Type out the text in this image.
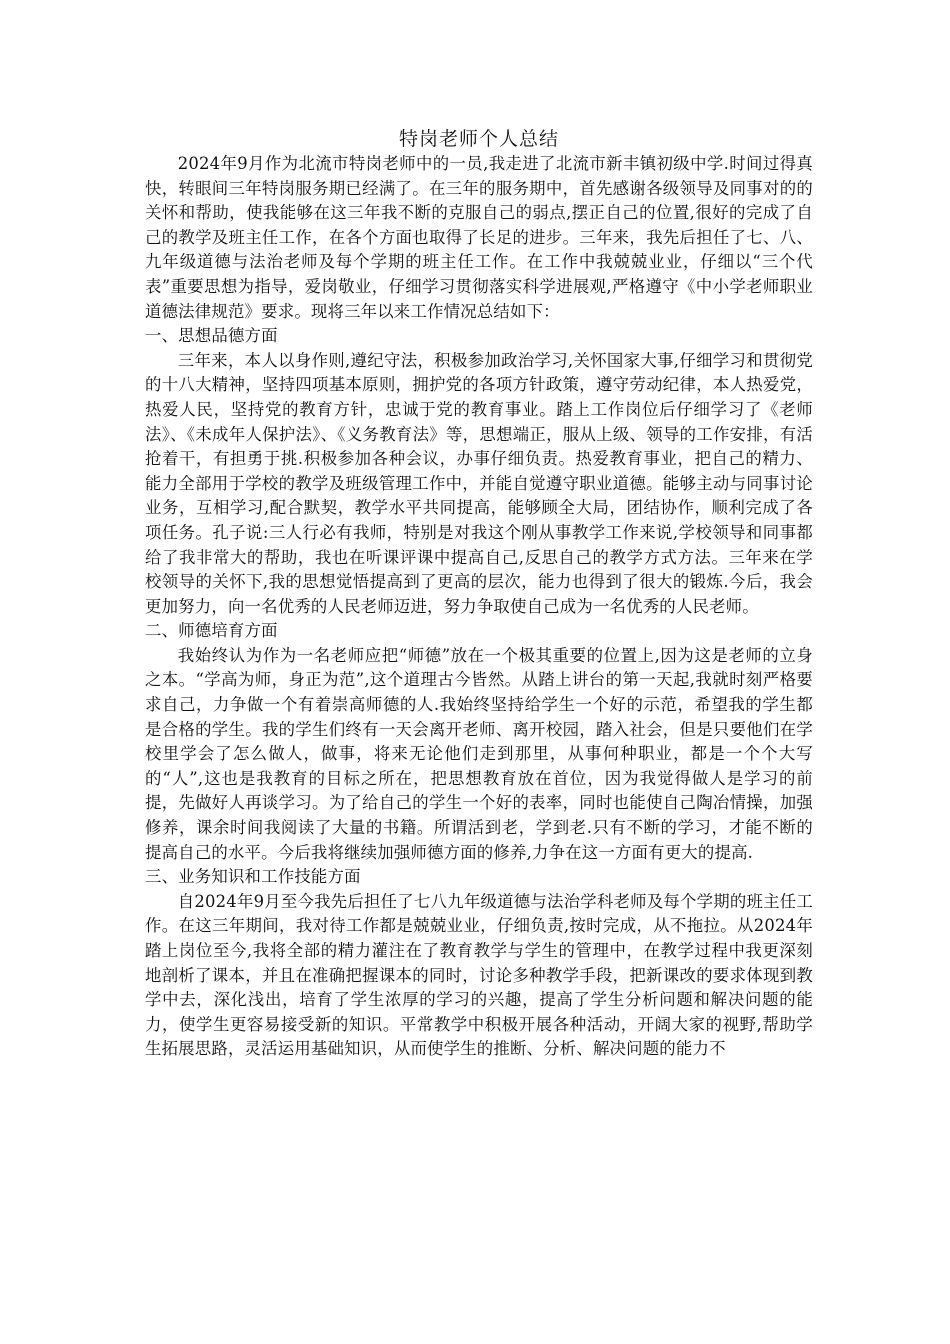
特岗老师个人总结

2024年9月作为北流市特岗老师中的一员,我走进了北流市新丰镇初级中学.时间过得真快，转眼间三年特岗服务期已经满了。在三年的服务期中，首先感谢各级领导及同事对的的关怀和帮助，使我能够在这三年我不断的克服自己的弱点,摆正自己的位置,很好的完成了自己的教学及班主任工作，在各个方面也取得了长足的进步。三年来，我先后担任了七、八、九年级道德与法治老师及每个学期的班主任工作。在工作中我兢兢业业，仔细以“三个代表”重要思想为指导，爱岗敬业，仔细学习贯彻落实科学进展观,严格遵守《中小学老师职业道德法律规范》要求。现将三年以来工作情况总结如下：

一、思想品德方面

三年来，本人以身作则,遵纪守法，积极参加政治学习,关怀国家大事,仔细学习和贯彻党的十八大精神，坚持四项基本原则，拥护党的各项方针政策，遵守劳动纪律，本人热爱党，热爱人民，坚持党的教育方针，忠诚于党的教育事业。踏上工作岗位后仔细学习了《老师法》、《未成年人保护法》、《义务教育法》等，思想端正，服从上级、领导的工作安排，有活抢着干，有担勇于挑.积极参加各种会议，办事仔细负责。热爱教育事业，把自己的精力、能力全部用于学校的教学及班级管理工作中，并能自觉遵守职业道德。能够主动与同事讨论业务，互相学习,配合默契，教学水平共同提高，能够顾全大局，团结协作，顺利完成了各项任务。孔子说:三人行必有我师，特别是对我这个刚从事教学工作来说,学校领导和同事都给了我非常大的帮助，我也在听课评课中提高自己,反思自己的教学方式方法。三年来在学校领导的关怀下,我的思想觉悟提高到了更高的层次，能力也得到了很大的锻炼.今后，我会更加努力，向一名优秀的人民老师迈进，努力争取使自己成为一名优秀的人民老师。

二、师德培育方面

我始终认为作为一名老师应把“师德”放在一个极其重要的位置上,因为这是老师的立身之本。“学高为师，身正为范”,这个道理古今皆然。从踏上讲台的第一天起,我就时刻严格要求自己，力争做一个有着崇高师德的人.我始终坚持给学生一个好的示范，希望我的学生都是合格的学生。我的学生们终有一天会离开老师、离开校园，踏入社会，但是只要他们在学校里学会了怎么做人，做事，将来无论他们走到那里，从事何种职业，都是一个个大写的“人”,这也是我教育的目标之所在，把思想教育放在首位，因为我觉得做人是学习的前提，先做好人再谈学习。为了给自己的学生一个好的表率，同时也能使自己陶冶情操，加强修养，课余时间我阅读了大量的书籍。所谓活到老，学到老.只有不断的学习，才能不断的提高自己的水平。今后我将继续加强师德方面的修养,力争在这一方面有更大的提高.

三、业务知识和工作技能方面

自2024年9月至今我先后担任了七八九年级道德与法治学科老师及每个学期的班主任工作。在这三年期间，我对待工作都是兢兢业业，仔细负责,按时完成，从不拖拉。从2024年踏上岗位至今,我将全部的精力灌注在了教育教学与学生的管理中，在教学过程中我更深刻地剖析了课本，并且在准确把握课本的同时，讨论多种教学手段，把新课改的要求体现到教学中去，深化浅出，培育了学生浓厚的学习的兴趣，提高了学生分析问题和解决问题的能力，使学生更容易接受新的知识。平常教学中积极开展各种活动，开阔大家的视野,帮助学生拓展思路，灵活运用基础知识，从而使学生的推断、分析、解决问题的能力不
